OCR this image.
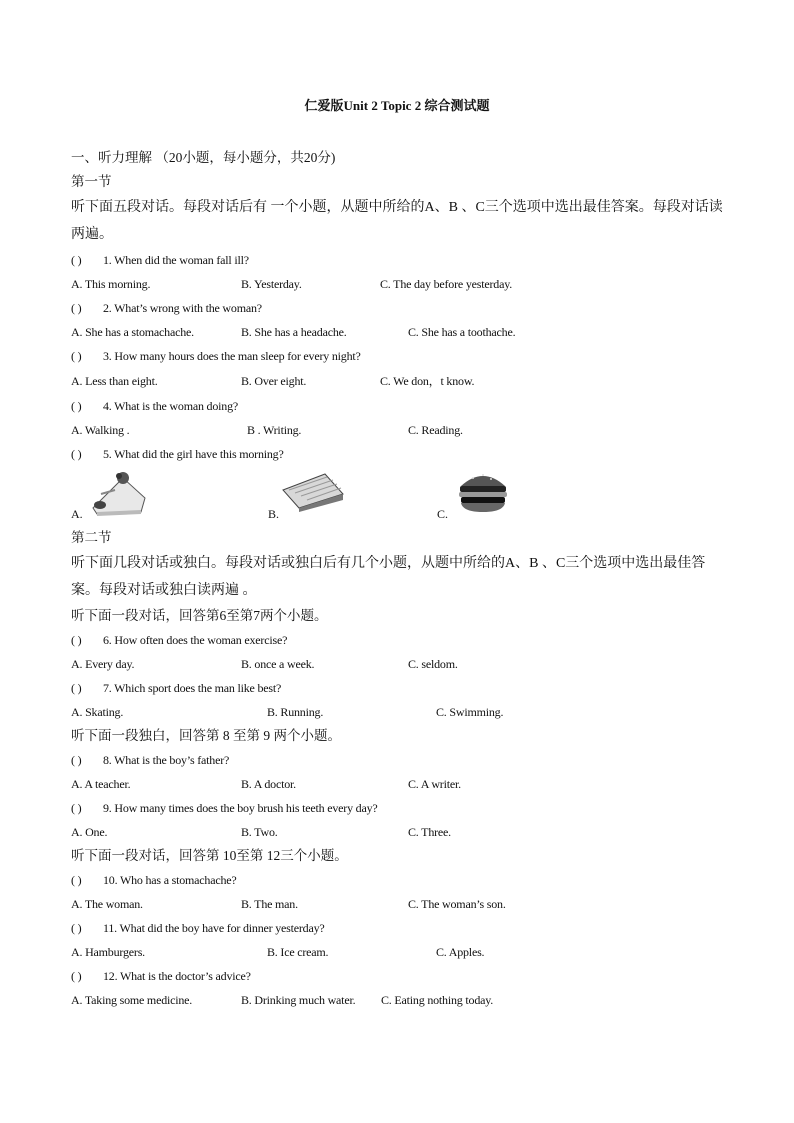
仁爱版Unit 2 Topic 2 综合测试题
一、听力理解 （20小题，每小题分，共20分)
第一节
听下面五段对话。每段对话后有 一个小题，从题中所给的A、B 、C三个选项中选出最佳答案。每段对话读两遍。
( ) 1. When did the woman fall ill?
A. This morning.	B. Yesterday.	C. The day before yesterday.
( ) 2. What’s wrong with the woman?
A. She has a stomachache.	B. She has a headache.	C. She has a toothache.
( ) 3. How many hours does the man sleep for every night?
A. Less than eight.	B. Over eight.	C. We don，t know.
( ) 4. What is the woman doing?
A. Walking .	B . Writing.	C. Reading.
( ) 5. What did the girl have this morning?
A.	B.	C.
第二节
听下面几段对话或独白。每段对话或独白后有几个小题，从题中所给的A、B 、C三个选项中选出最佳答案。每段对话或独白读两遍 。
听下面一段对话，回答第6至第7两个小题。
( ) 6. How often does the woman exercise?
A. Every day.	B. once a week.	C. seldom.
( ) 7. Which sport does the man like best?
A. Skating.	B. Running.	C. Swimming.
听下面一段独白，回答第 8 至第 9 两个小题。
( ) 8. What is the boy’s father?
A. A teacher.	B. A doctor.	C. A writer.
( ) 9. How many times does the boy brush his teeth every day?
A. One.	B. Two.	C. Three.
听下面一段对话，回答第 10至第 12三个小题。
( ) 10. Who has a stomachache?
A. The woman.	B. The man.	C. The woman’s son.
( ) 11. What did the boy have for dinner yesterday?
A. Hamburgers.	B. Ice cream.	C. Apples.
( ) 12. What is the doctor’s advice?
A. Taking some medicine.	B. Drinking much water. C. Eating nothing today.
